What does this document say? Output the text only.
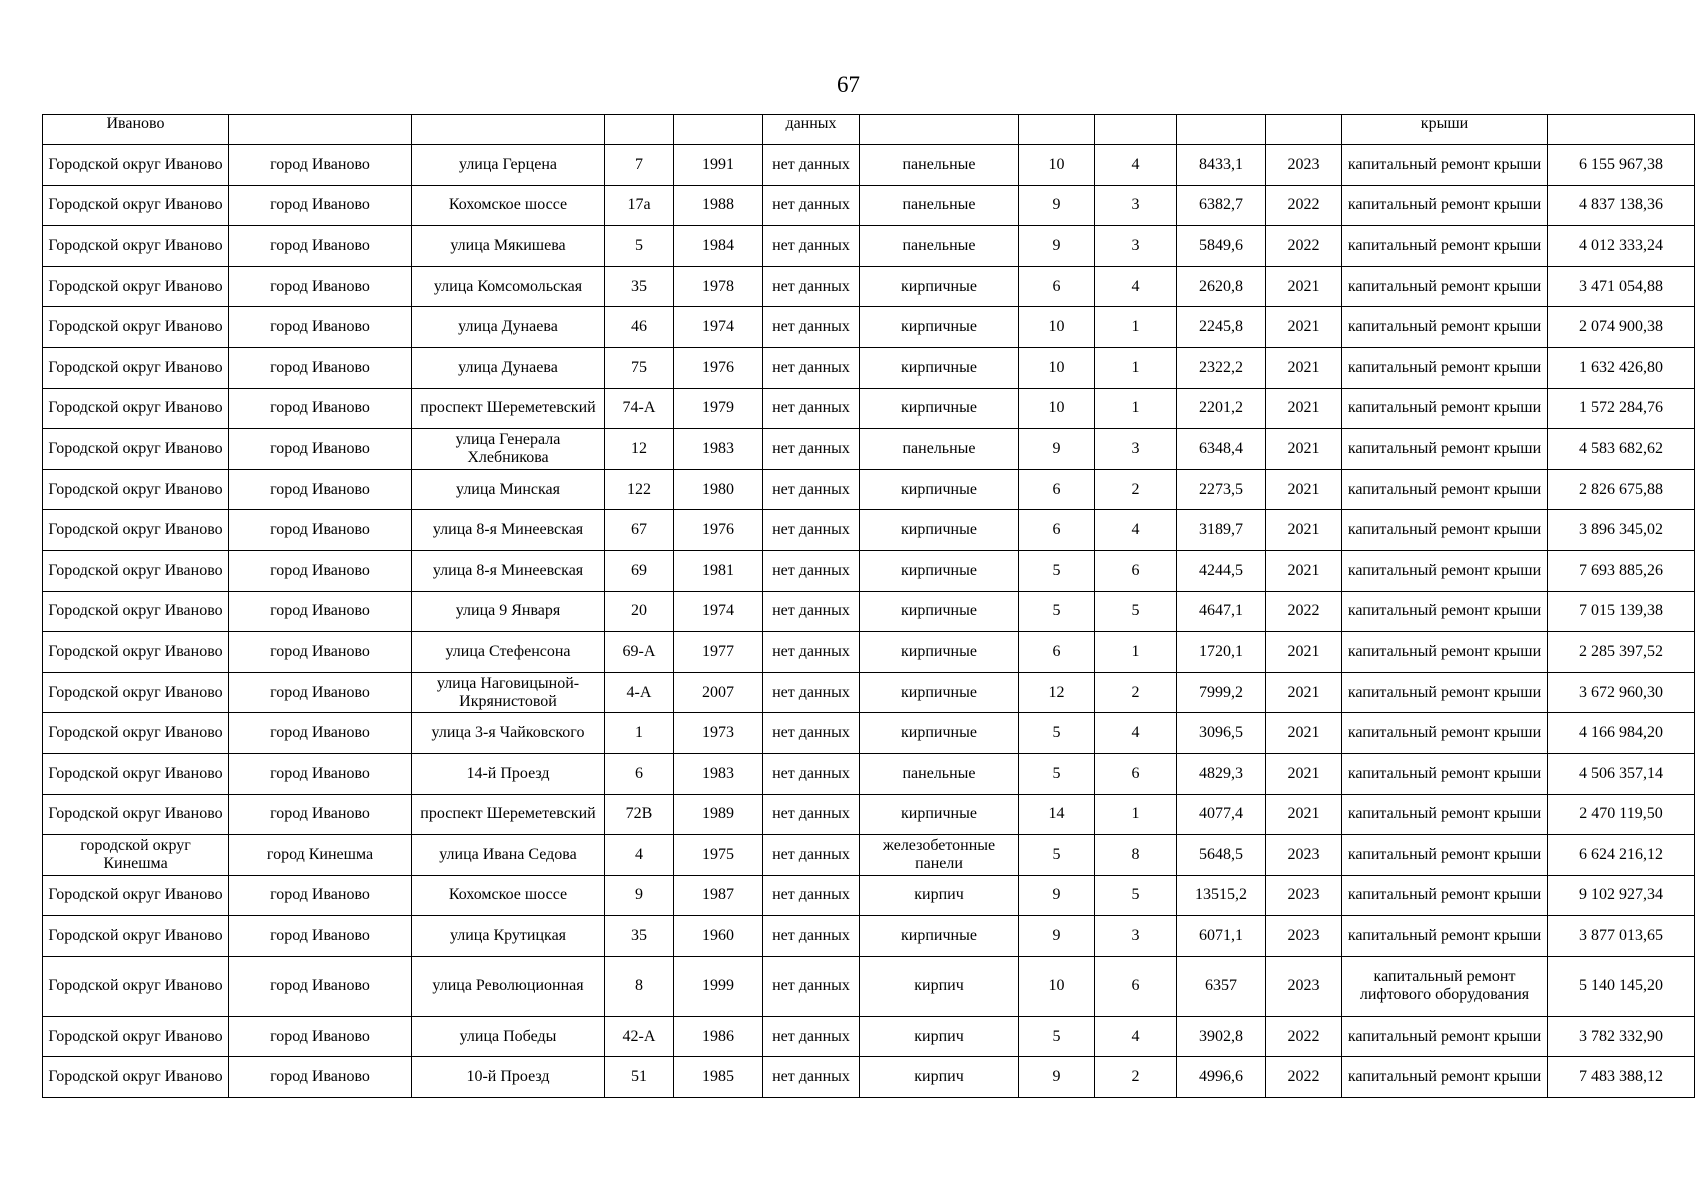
67
Иваново					данных						крыши	
Городской округ Иваново	город Иваново	улица Герцена	7	1991	нет данных	панельные	10	4	8433,1	2023	капитальный ремонт крыши	6 155 967,38
Городской округ Иваново	город Иваново	Кохомское шоссе	17а	1988	нет данных	панельные	9	3	6382,7	2022	капитальный ремонт крыши	4 837 138,36
Городской округ Иваново	город Иваново	улица Мякишева	5	1984	нет данных	панельные	9	3	5849,6	2022	капитальный ремонт крыши	4 012 333,24
Городской округ Иваново	город Иваново	улица Комсомольская	35	1978	нет данных	кирпичные	6	4	2620,8	2021	капитальный ремонт крыши	3 471 054,88
Городской округ Иваново	город Иваново	улица Дунаева	46	1974	нет данных	кирпичные	10	1	2245,8	2021	капитальный ремонт крыши	2 074 900,38
Городской округ Иваново	город Иваново	улица Дунаева	75	1976	нет данных	кирпичные	10	1	2322,2	2021	капитальный ремонт крыши	1 632 426,80
Городской округ Иваново	город Иваново	проспект Шереметевский	74-А	1979	нет данных	кирпичные	10	1	2201,2	2021	капитальный ремонт крыши	1 572 284,76
Городской округ Иваново	город Иваново	улица Генерала Хлебникова	12	1983	нет данных	панельные	9	3	6348,4	2021	капитальный ремонт крыши	4 583 682,62
Городской округ Иваново	город Иваново	улица Минская	122	1980	нет данных	кирпичные	6	2	2273,5	2021	капитальный ремонт крыши	2 826 675,88
Городской округ Иваново	город Иваново	улица 8-я Минеевская	67	1976	нет данных	кирпичные	6	4	3189,7	2021	капитальный ремонт крыши	3 896 345,02
Городской округ Иваново	город Иваново	улица 8-я Минеевская	69	1981	нет данных	кирпичные	5	6	4244,5	2021	капитальный ремонт крыши	7 693 885,26
Городской округ Иваново	город Иваново	улица 9 Января	20	1974	нет данных	кирпичные	5	5	4647,1	2022	капитальный ремонт крыши	7 015 139,38
Городской округ Иваново	город Иваново	улица Стефенсона	69-А	1977	нет данных	кирпичные	6	1	1720,1	2021	капитальный ремонт крыши	2 285 397,52
Городской округ Иваново	город Иваново	улица Наговицыной-Икрянистовой	4-А	2007	нет данных	кирпичные	12	2	7999,2	2021	капитальный ремонт крыши	3 672 960,30
Городской округ Иваново	город Иваново	улица 3-я Чайковского	1	1973	нет данных	кирпичные	5	4	3096,5	2021	капитальный ремонт крыши	4 166 984,20
Городской округ Иваново	город Иваново	14-й Проезд	6	1983	нет данных	панельные	5	6	4829,3	2021	капитальный ремонт крыши	4 506 357,14
Городской округ Иваново	город Иваново	проспект Шереметевский	72В	1989	нет данных	кирпичные	14	1	4077,4	2021	капитальный ремонт крыши	2 470 119,50
городской округ Кинешма	город Кинешма	улица Ивана Седова	4	1975	нет данных	железобетонные панели	5	8	5648,5	2023	капитальный ремонт крыши	6 624 216,12
Городской округ Иваново	город Иваново	Кохомское шоссе	9	1987	нет данных	кирпич	9	5	13515,2	2023	капитальный ремонт крыши	9 102 927,34
Городской округ Иваново	город Иваново	улица Крутицкая	35	1960	нет данных	кирпичные	9	3	6071,1	2023	капитальный ремонт крыши	3 877 013,65
Городской округ Иваново	город Иваново	улица Революционная	8	1999	нет данных	кирпич	10	6	6357	2023	капитальный ремонт лифтового оборудования	5 140 145,20
Городской округ Иваново	город Иваново	улица Победы	42-А	1986	нет данных	кирпич	5	4	3902,8	2022	капитальный ремонт крыши	3 782 332,90
Городской округ Иваново	город Иваново	10-й Проезд	51	1985	нет данных	кирпич	9	2	4996,6	2022	капитальный ремонт крыши	7 483 388,12
